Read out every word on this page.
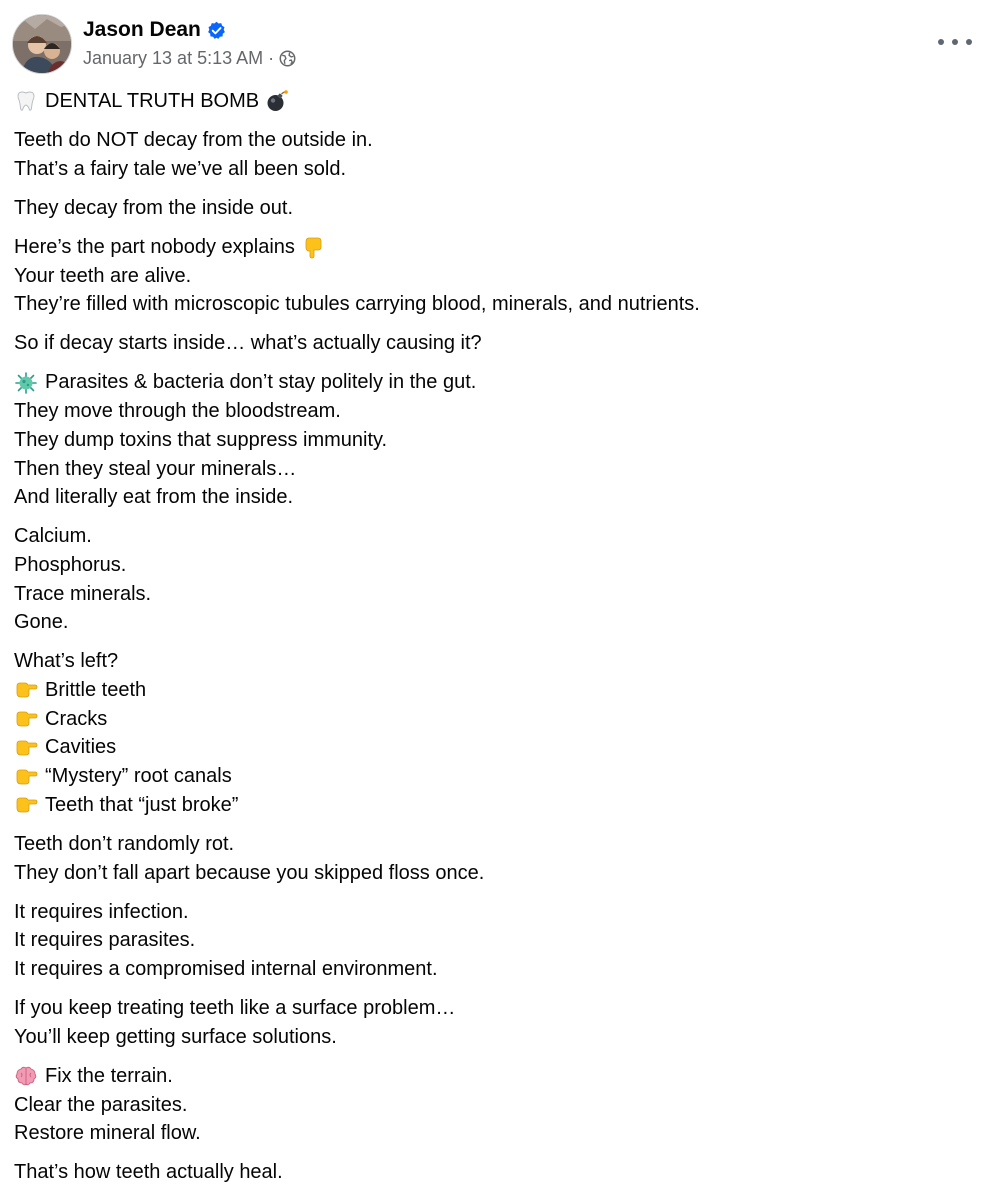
Jason Dean
January 13 at 5:13 AM ·
DENTAL TRUTH BOMB
Teeth do NOT decay from the outside in.
That’s a fairy tale we’ve all been sold.
They decay from the inside out.
Here’s the part nobody explains
Your teeth are alive.
They’re filled with microscopic tubules carrying blood, minerals, and nutrients.
So if decay starts inside… what’s actually causing it?
Parasites & bacteria don’t stay politely in the gut.
They move through the bloodstream.
They dump toxins that suppress immunity.
Then they steal your minerals…
And literally eat from the inside.
Calcium.
Phosphorus.
Trace minerals.
Gone.
What’s left?
Brittle teeth
Cracks
Cavities
“Mystery” root canals
Teeth that “just broke”
Teeth don’t randomly rot.
They don’t fall apart because you skipped floss once.
It requires infection.
It requires parasites.
It requires a compromised internal environment.
If you keep treating teeth like a surface problem…
You’ll keep getting surface solutions.
Fix the terrain.
Clear the parasites.
Restore mineral flow.
That’s how teeth actually heal.
